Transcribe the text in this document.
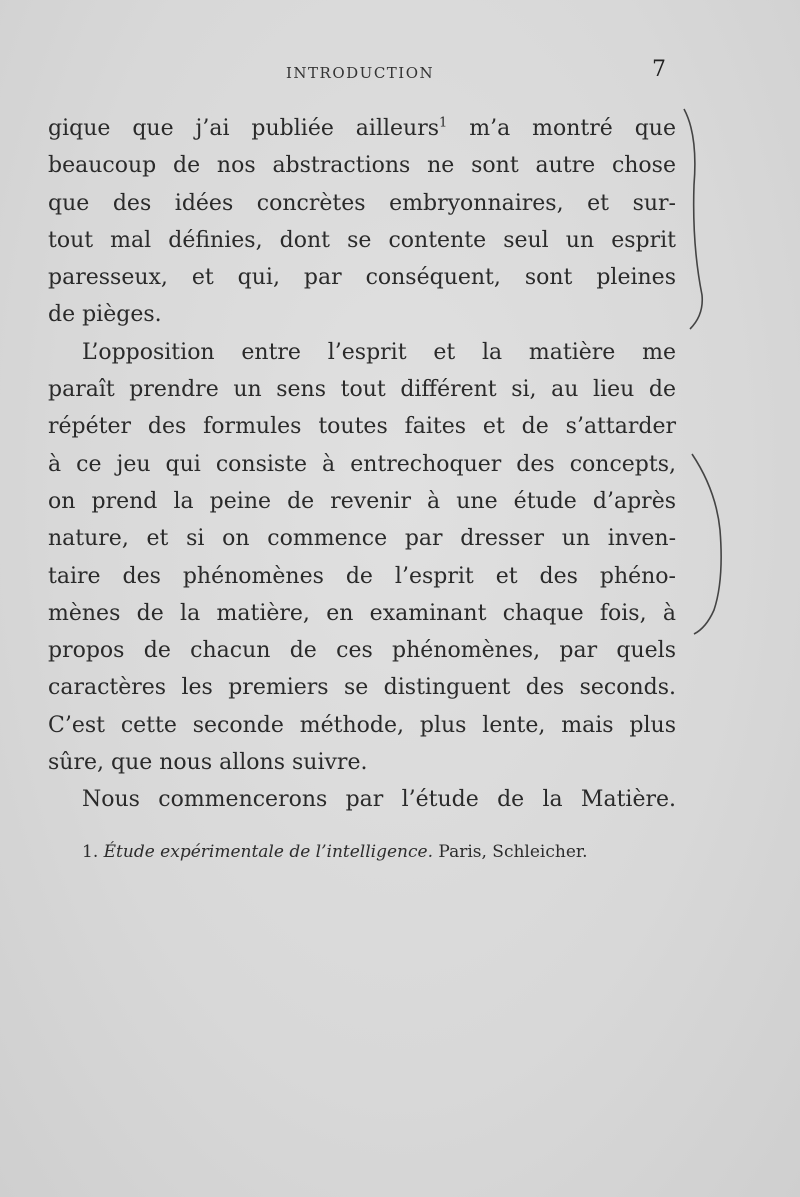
INTRODUCTION	7
gique que j’ai publiée ailleurs$^1$ m’a montré que
beaucoup de nos abstractions ne sont autre chose
que des idées concrètes embryonnaires, et sur-
tout mal définies, dont se contente seul un esprit
paresseux, et qui, par conséquent, sont pleines
de pièges.
L’opposition entre l’esprit et la matière me
paraît prendre un sens tout différent si, au lieu de
répéter des formules toutes faites et de s’attarder
à ce jeu qui consiste à entrechoquer des concepts,
on prend la peine de revenir à une étude d’après
nature, et si on commence par dresser un inven-
taire des phénomènes de l’esprit et des phéno-
mènes de la matière, en examinant chaque fois, à
propos de chacun de ces phénomènes, par quels
caractères les premiers se distinguent des seconds.
C’est cette seconde méthode, plus lente, mais plus
sûre, que nous allons suivre.
Nous commencerons par l’étude de la Matière.
1. Étude expérimentale de l’intelligence. Paris, Schleicher.
